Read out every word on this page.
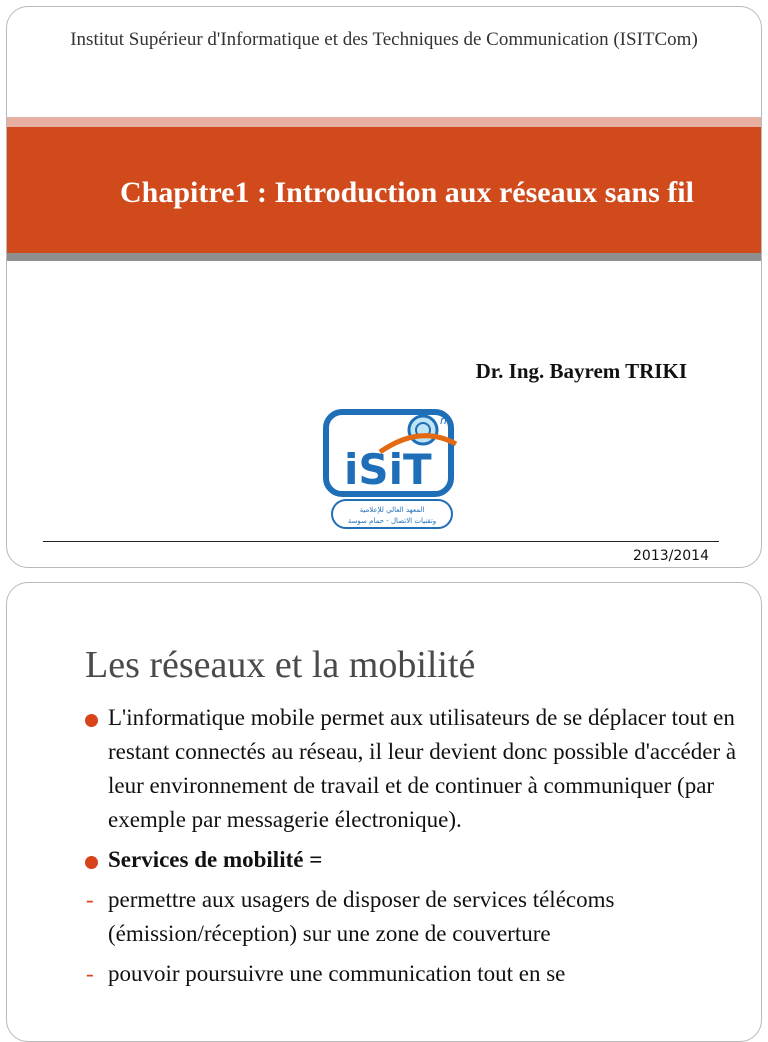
Institut Supérieur d'Informatique et des Techniques de Communication (ISITCom)
Chapitre1 : Introduction aux réseaux sans fil
Dr. Ing. Bayrem TRIKI
m
iSiT
المعهد العالي للإعلامية
وتقنيات الاتصال - حمام سوسة
2013/2014
Les réseaux et la mobilité
L'informatique mobile permet aux utilisateurs de se déplacer tout en restant connectés au réseau, il leur devient donc possible d'accéder à leur environnement de travail et de continuer à communiquer (par exemple par messagerie électronique).
Services de mobilité =
- permettre aux usagers de disposer de services télécoms (émission/réception) sur une zone de couverture
- pouvoir poursuivre une communication tout en se
